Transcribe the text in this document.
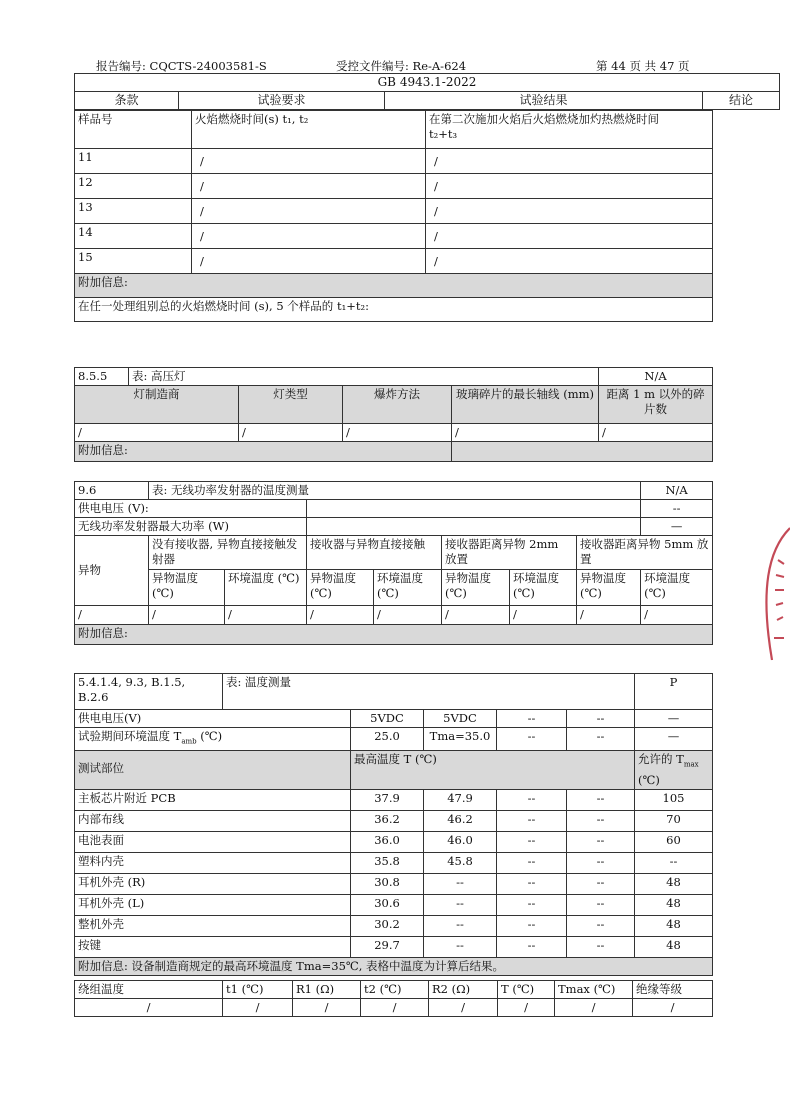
报告编号: CQCTS-24003581-S	受控文件编号: Re-A-624	第 44 页 共 47 页
GB 4943.1-2022
条款	试验要求	试验结果	结论
样品号	火焰燃烧时间(s) t₁, t₂	在第二次施加火焰后火焰燃烧加灼热燃烧时间
t₂+t₃
11	/	/
12	/	/
13	/	/
14	/	/
15	/	/
附加信息:		
在任一处理组别总的火焰燃烧时间 (s), 5 个样品的 t₁+t₂:		
8.5.5	表: 高压灯				N/A
灯制造商		灯类型	爆炸方法	玻璃碎片的最长轴线 (mm)	距离 1 m 以外的碎片数
/		/	/	/	/
附加信息:					
9.6	表: 无线功率发射器的温度测量							N/A
供电电压 (V):								--
无线功率发射器最大功率 (W)								—
异物	没有接收器, 异物直接接触发射器		接收器与异物直接接触		接收器距离异物 2mm 放置		接收器距离异物 5mm 放置	
	异物温度 (℃)	环境温度 (℃)	异物温度 (℃)	环境温度 (℃)	异物温度 (℃)	环境温度 (℃)	异物温度 (℃)	环境温度 (℃)
/	/	/	/	/	/	/	/	/
附加信息:								
5.4.1.4, 9.3, B.1.5, B.2.6	表: 温度测量					P
供电电压(V)		5VDC	5VDC	--	--	—
试验期间环境温度 $T_{amb}$ (℃)		25.0	Tma=35.0	--	--	—
测试部位		最高温度 T (℃)				允许的 $T_{max}$
(℃)
主板芯片附近 PCB		37.9	47.9	--	--	105
内部布线		36.2	46.2	--	--	70
电池表面		36.0	46.0	--	--	60
塑料内壳		35.8	45.8	--	--	--
耳机外壳 (R)		30.8	--	--	--	48
耳机外壳 (L)		30.6	--	--	--	48
整机外壳		30.2	--	--	--	48
按键		29.7	--	--	--	48
附加信息: 设备制造商规定的最高环境温度 Tma=35℃, 表格中温度为计算后结果。						
绕组温度	t1 (℃)	R1 (Ω)	t2 (℃)	R2 (Ω)	T (℃)	Tmax (℃)	绝缘等级
/	/	/	/	/	/	/	/
